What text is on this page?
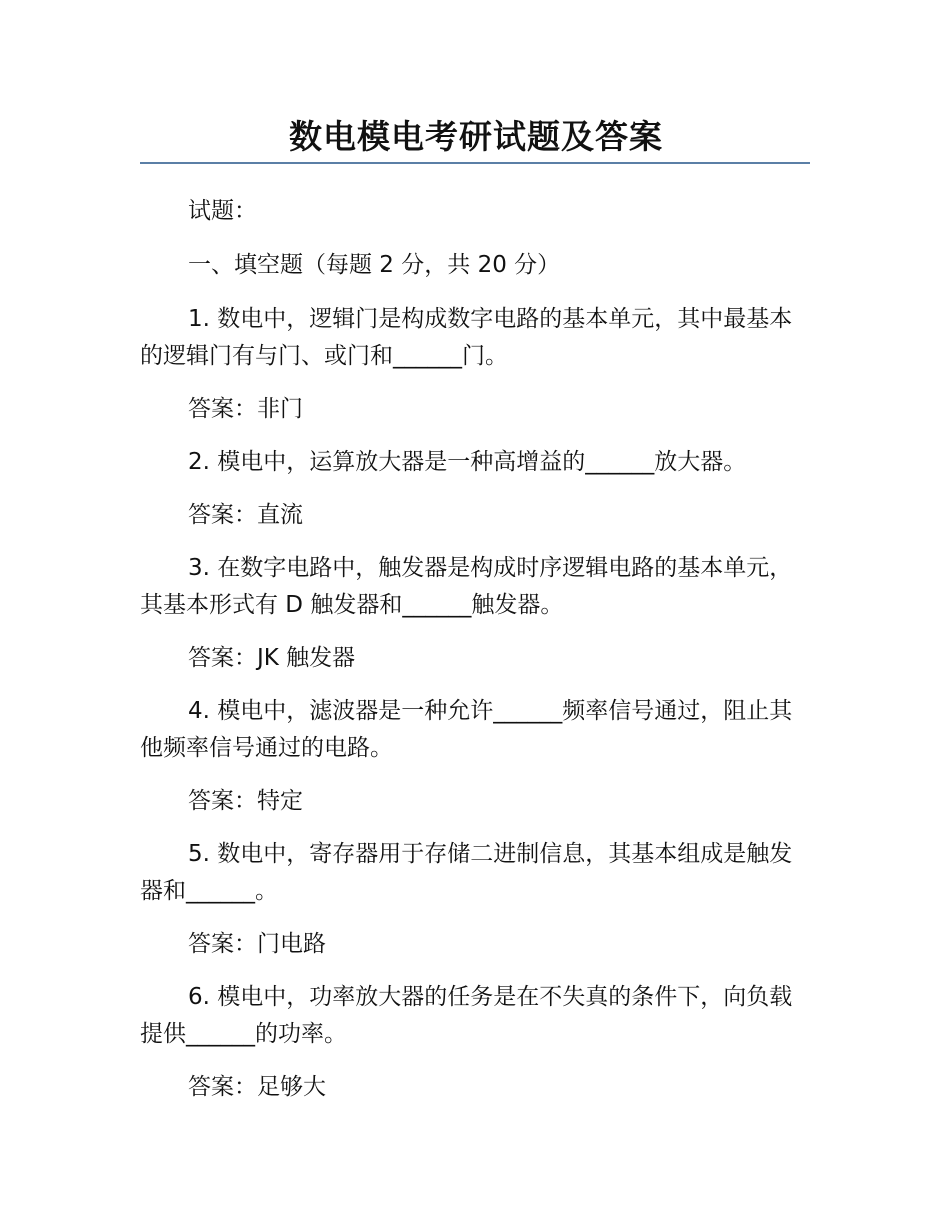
数电模电考研试题及答案

试题：

一、填空题（每题 2 分，共 20 分）

1. 数电中，逻辑门是构成数字电路的基本单元，其中最基本的逻辑门有与门、或门和______门。

答案：非门

2. 模电中，运算放大器是一种高增益的______放大器。

答案：直流

3. 在数字电路中，触发器是构成时序逻辑电路的基本单元，其基本形式有 D 触发器和______触发器。

答案：JK 触发器

4. 模电中，滤波器是一种允许______频率信号通过，阻止其他频率信号通过的电路。

答案：特定

5. 数电中，寄存器用于存储二进制信息，其基本组成是触发器和______。

答案：门电路

6. 模电中，功率放大器的任务是在不失真的条件下，向负载提供______的功率。

答案：足够大
